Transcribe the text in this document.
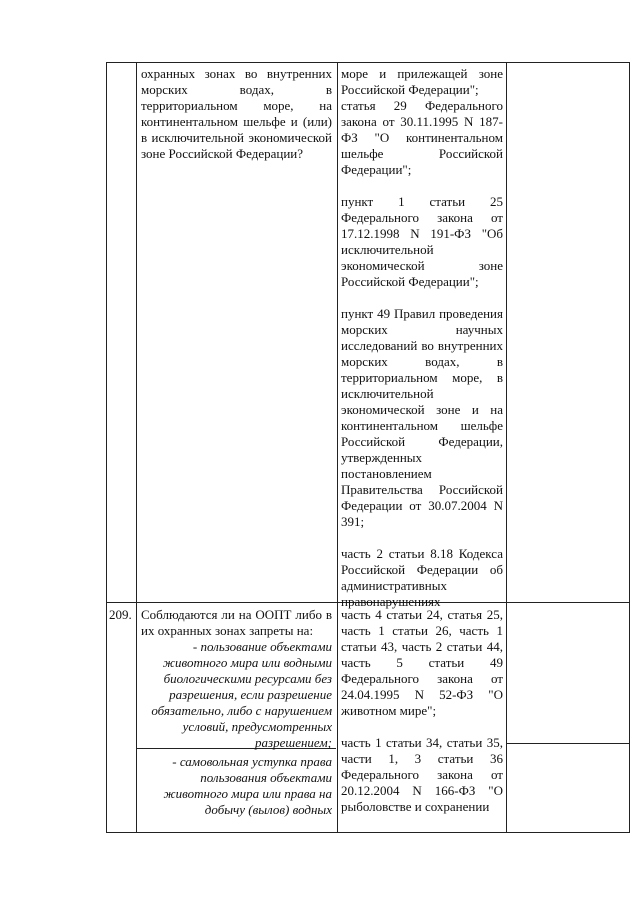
охранных зонах во внутренних морских водах, в территориальном море, на континентальном шельфе и (или) в исключительной экономической зоне Российской Федерации?

море и прилежащей зоне Российской Федерации";
статья 29 Федерального закона от 30.11.1995 N 187-ФЗ "О континентальном шельфе Российской Федерации";

пункт 1 статьи 25 Федерального закона от 17.12.1998 N 191-ФЗ "Об исключительной экономической зоне Российской Федерации";

пункт 49 Правил проведения морских научных исследований во внутренних морских водах, в территориальном море, в исключительной экономической зоне и на континентальном шельфе Российской Федерации, утвержденных постановлением Правительства Российской Федерации от 30.07.2004 N 391;

часть 2 статьи 8.18 Кодекса Российской Федерации об административных правонарушениях

209. Соблюдаются ли на ООПТ либо в их охранных зонах запреты на:

- пользование объектами животного мира или водными биологическими ресурсами без разрешения, если разрешение обязательно, либо с нарушением условий, предусмотренных разрешением;

- самовольная уступка права пользования объектами животного мира или права на добычу (вылов) водных

часть 4 статьи 24, статья 25, часть 1 статьи 26, часть 1 статьи 43, часть 2 статьи 44, часть 5 статьи 49 Федерального закона от 24.04.1995 N 52-ФЗ "О животном мире";

часть 1 статьи 34, статьи 35, части 1, 3 статьи 36 Федерального закона от 20.12.2004 N 166-ФЗ "О рыболовстве и сохранении
